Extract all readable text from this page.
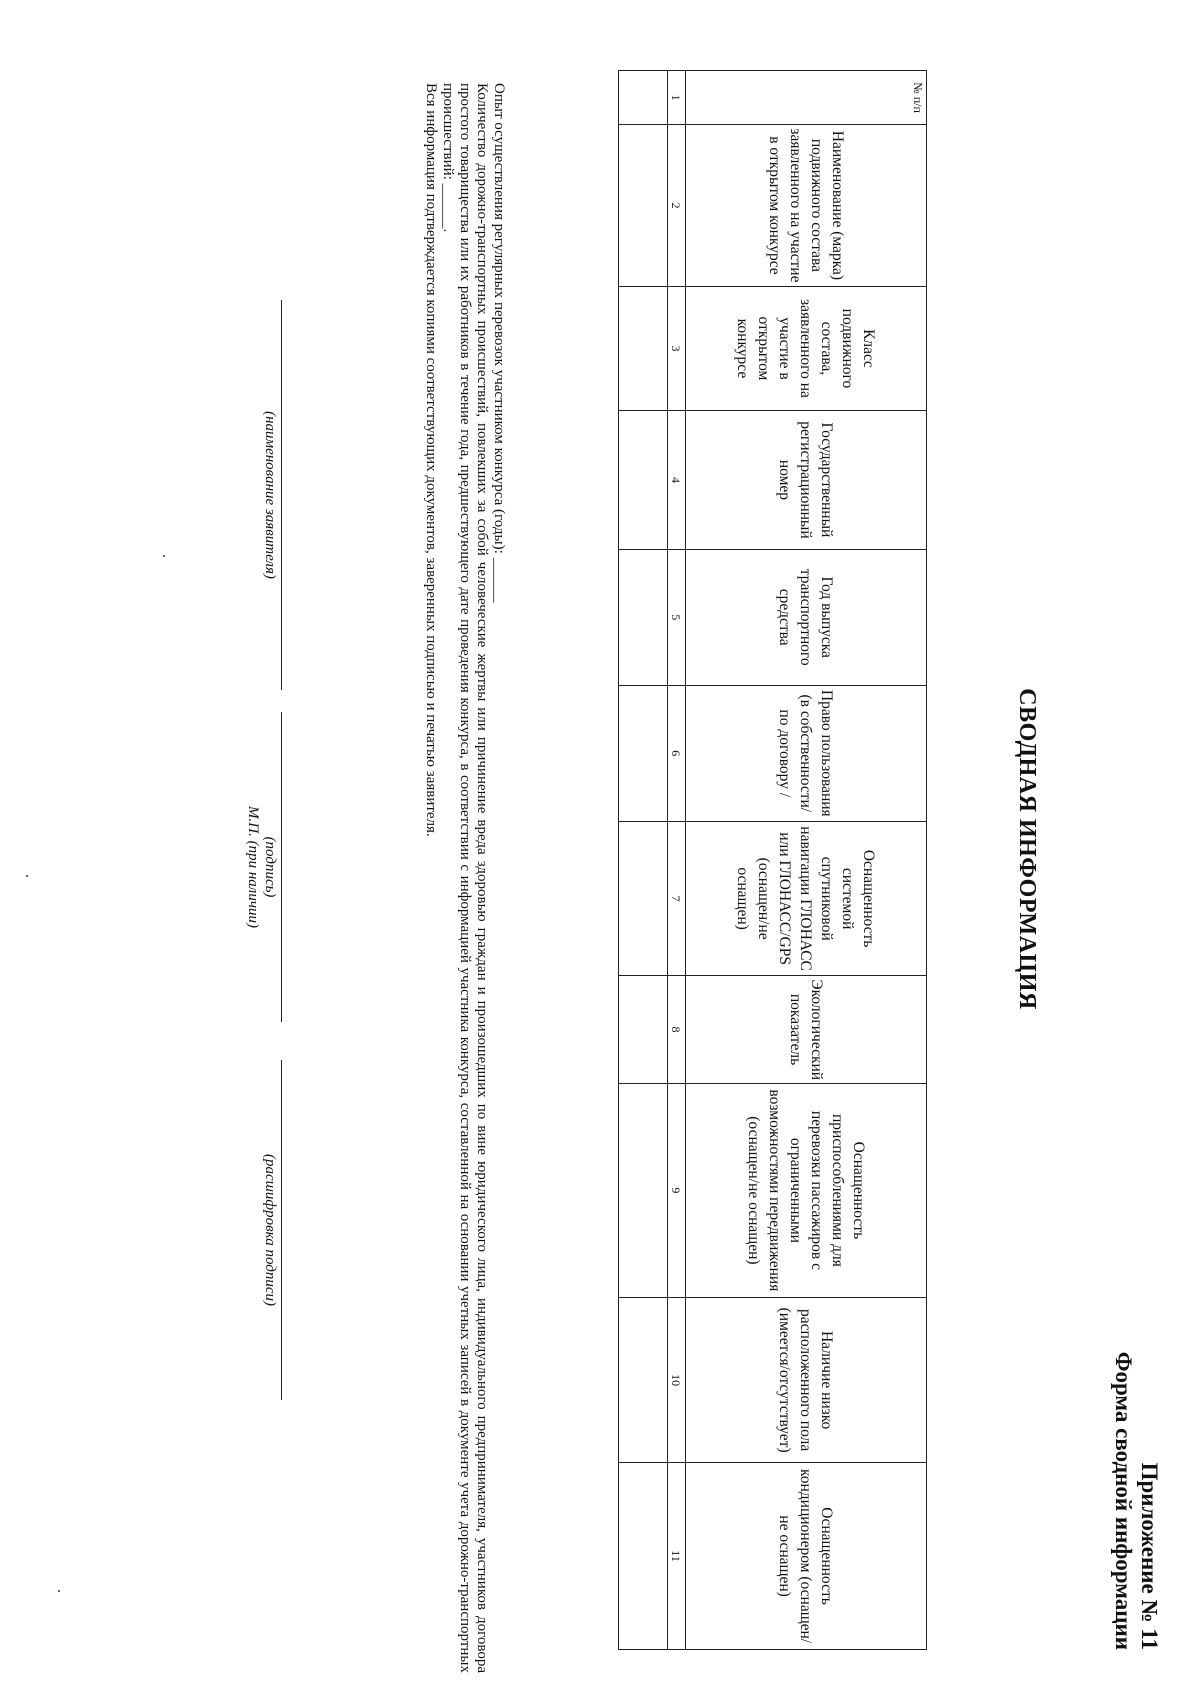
Приложение № 11
Форма сводной информации
СВОДНАЯ ИНФОРМАЦИЯ
№ п/п	Наименование (марка) подвижного состава заявленного на участие в открытом конкурсе	Класс подвижного состава, заявленного на участие в открытом конкурсе	Государственный регистрационный номер	Год выпуска транспортного средства	Право пользования (в собственности/ по договору /	Оснащенность системой спутниковой навигации ГЛОНАСС или ГЛОНАСС/GPS (оснащен/не оснащен)	Экологический показатель	Оснащенность приспособлениями для перевозки пассажиров с ограниченными возможностями передвижения (оснащен/не оснащен)	Наличие низко расположенного пола (имеется/отсутствует)	Оснащенность кондиционером (оснащен/не оснащен)
1	2	3	4	5	6	7	8	9	10	11

Опыт осуществления регулярных перевозок участником конкурса (годы): ______

Количество дорожно-транспортных происшествий, повлекших за собой человеческие жертвы или причинение вреда здоровью граждан и произошедших по вине юридического лица, индивидуального предпринимателя, участников договора простого товарищества или их работников в течение года, предшествующего дате проведения конкурса, в соответствии с информацией участника конкурса, составленной на основании учетных записей в документе учета дорожно-транспортных происшествий: ______.

Вся информация подтверждается копиями соответствующих документов, заверенных подписью и печатью заявителя.

(наименование заявителя)
(подпись)
М.П. (при наличии)
(расшифровка подписи)
